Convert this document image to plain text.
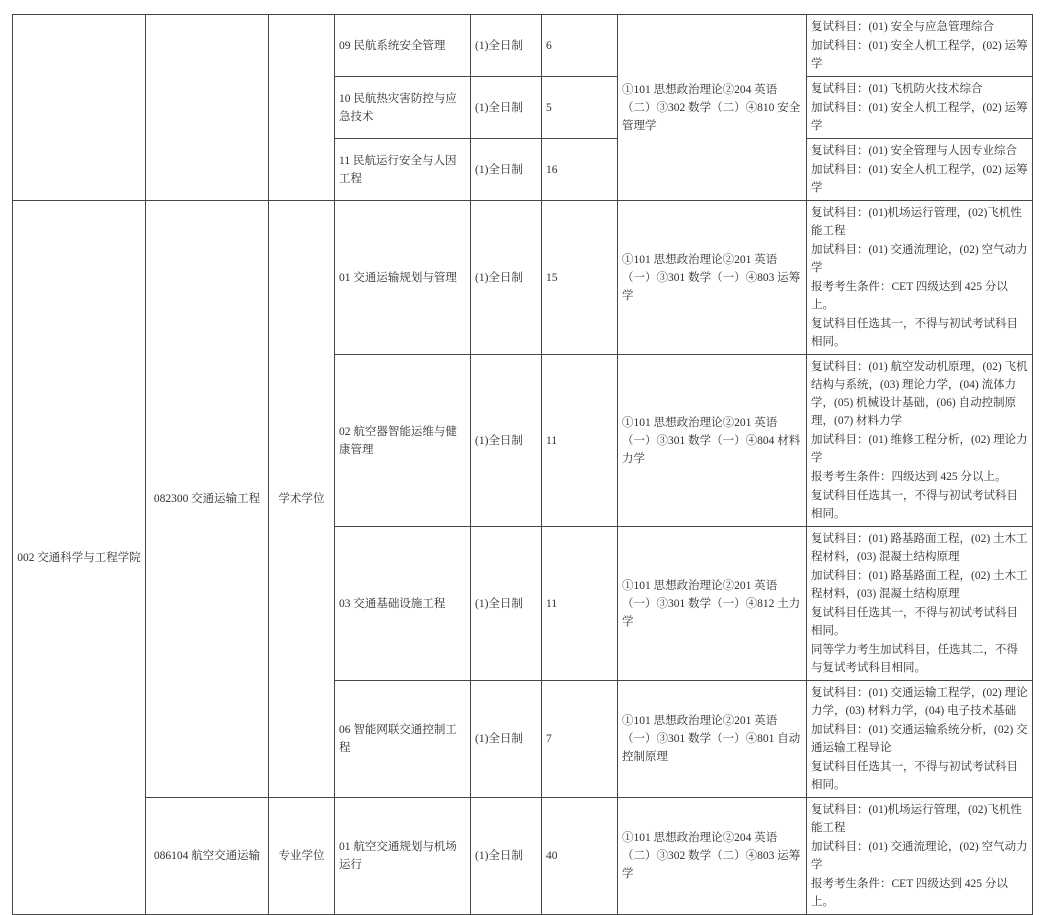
			09 民航系统安全管理	(1)全日制	6	①101 思想政治理论②204 英语（二）③302 数学（二）④810 安全管理学	复试科目：(01) 安全与应急管理综合
加试科目：(01) 安全人机工程学，(02) 运筹学

			10 民航热灾害防控与应急技术	(1)全日制	5		复试科目：(01) 飞机防火技术综合
加试科目：(01) 安全人机工程学，(02) 运筹学

			11 民航运行安全与人因工程	(1)全日制	16		复试科目：(01) 安全管理与人因专业综合
加试科目：(01) 安全人机工程学，(02) 运筹学

002 交通科学与工程学院	082300 交通运输工程	学术学位	01 交通运输规划与管理	(1)全日制	15	①101 思想政治理论②201 英语（一）③301 数学（一）④803 运筹学	复试科目：(01)机场运行管理，(02)飞机性能工程
加试科目：(01) 交通流理论，(02) 空气动力学
报考考生条件：CET 四级达到 425 分以上。
复试科目任选其一，不得与初试考试科目相同。

			02 航空器智能运维与健康管理	(1)全日制	11	①101 思想政治理论②201 英语（一）③301 数学（一）④804 材料力学	复试科目：(01) 航空发动机原理，(02) 飞机结构与系统，(03) 理论力学，(04) 流体力学，(05) 机械设计基础，(06) 自动控制原理，(07) 材料力学
加试科目：(01) 维修工程分析，(02) 理论力学
报考考生条件：四级达到 425 分以上。
复试科目任选其一，不得与初试考试科目相同。

			03 交通基础设施工程	(1)全日制	11	①101 思想政治理论②201 英语（一）③301 数学（一）④812 土力学	复试科目：(01) 路基路面工程，(02) 土木工程材料，(03) 混凝土结构原理
加试科目：(01) 路基路面工程，(02) 土木工程材料，(03) 混凝土结构原理
复试科目任选其一，不得与初试考试科目相同。
同等学力考生加试科目，任选其二，不得与复试考试科目相同。

			06 智能网联交通控制工程	(1)全日制	7	①101 思想政治理论②201 英语（一）③301 数学（一）④801 自动控制原理	复试科目：(01) 交通运输工程学，(02) 理论力学，(03) 材料力学，(04) 电子技术基础
加试科目：(01) 交通运输系统分析，(02) 交通运输工程导论
复试科目任选其一，不得与初试考试科目相同。

	086104 航空交通运输	专业学位	01 航空交通规划与机场运行	(1)全日制	40	①101 思想政治理论②204 英语（二）③302 数学（二）④803 运筹学	复试科目：(01)机场运行管理，(02)飞机性能工程
加试科目：(01) 交通流理论，(02) 空气动力学
报考考生条件：CET 四级达到 425 分以上。
